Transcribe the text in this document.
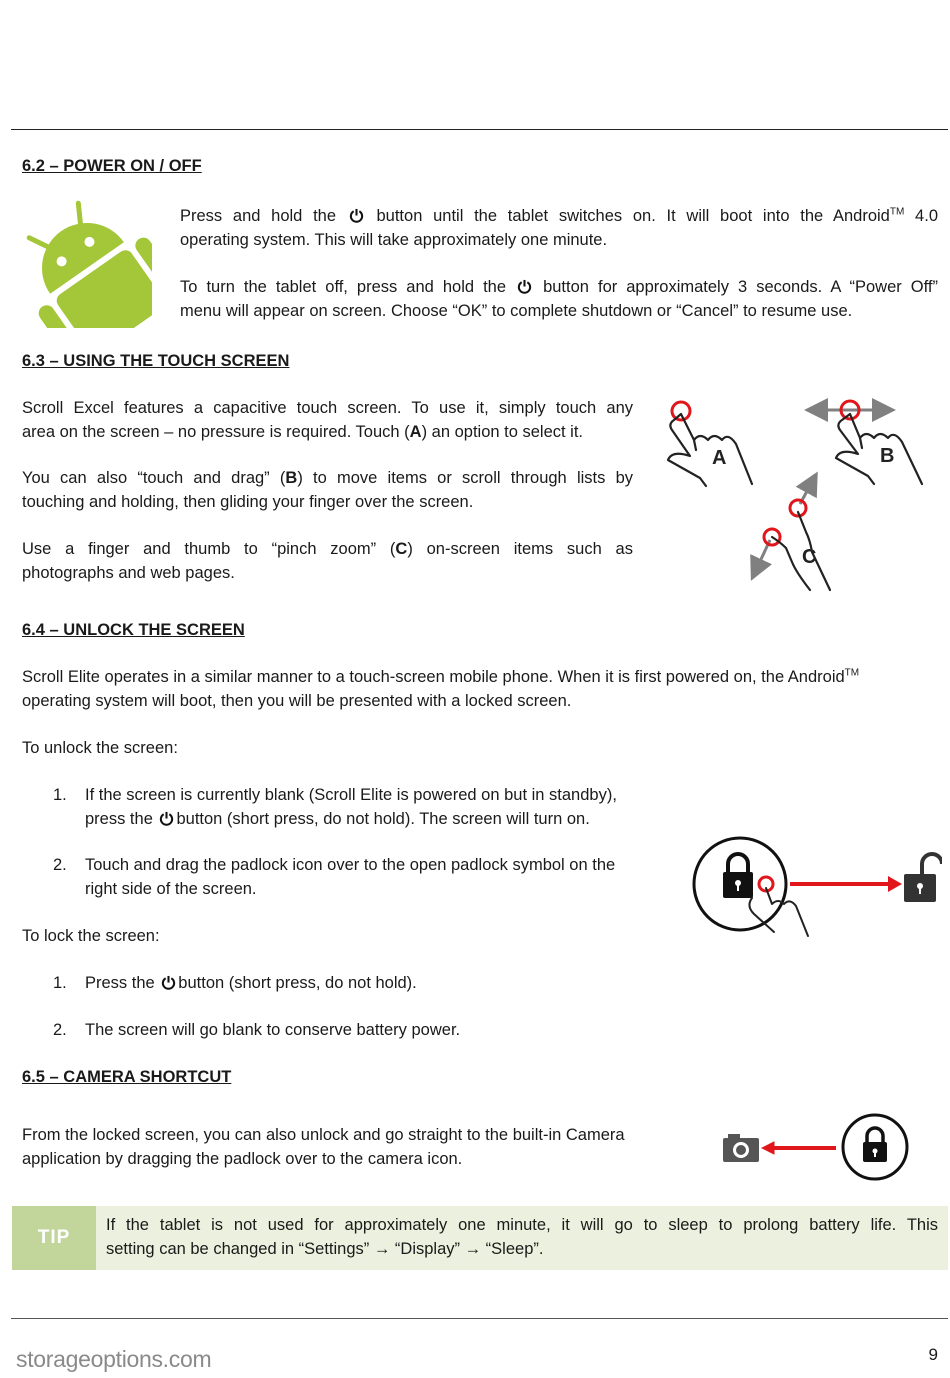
6.2 – POWER ON / OFF
Press and hold the button until the tablet switches on. It will boot into the Android™ 4.0
operating system. This will take approximately one minute.
To turn the tablet off, press and hold the button for approximately 3 seconds. A “Power Off”
menu will appear on screen. Choose “OK” to complete shutdown or “Cancel” to resume use.
6.3 – USING THE TOUCH SCREEN
Scroll Excel features a capacitive touch screen. To use it, simply touch any
area on the screen – no pressure is required. Touch (A) an option to select it.
You can also “touch and drag” (B) to move items or scroll through lists by
touching and holding, then gliding your finger over the screen.
Use a finger and thumb to “pinch zoom” (C) on-screen items such as
photographs and web pages.
A	B
C
6.4 – UNLOCK THE SCREEN
Scroll Elite operates in a similar manner to a touch-screen mobile phone. When it is first powered on, the Android™
operating system will boot, then you will be presented with a locked screen.
To unlock the screen:
1. If the screen is currently blank (Scroll Elite is powered on but in standby),
press the button (short press, do not hold). The screen will turn on.
2. Touch and drag the padlock icon over to the open padlock symbol on the
right side of the screen.
To lock the screen:
1. Press the button (short press, do not hold).
2. The screen will go blank to conserve battery power.
6.5 – CAMERA SHORTCUT
From the locked screen, you can also unlock and go straight to the built-in Camera
application by dragging the padlock over to the camera icon.
TIP
If the tablet is not used for approximately one minute, it will go to sleep to prolong battery life. This
setting can be changed in “Settings” → “Display” → “Sleep”.
storageoptions.com	9
